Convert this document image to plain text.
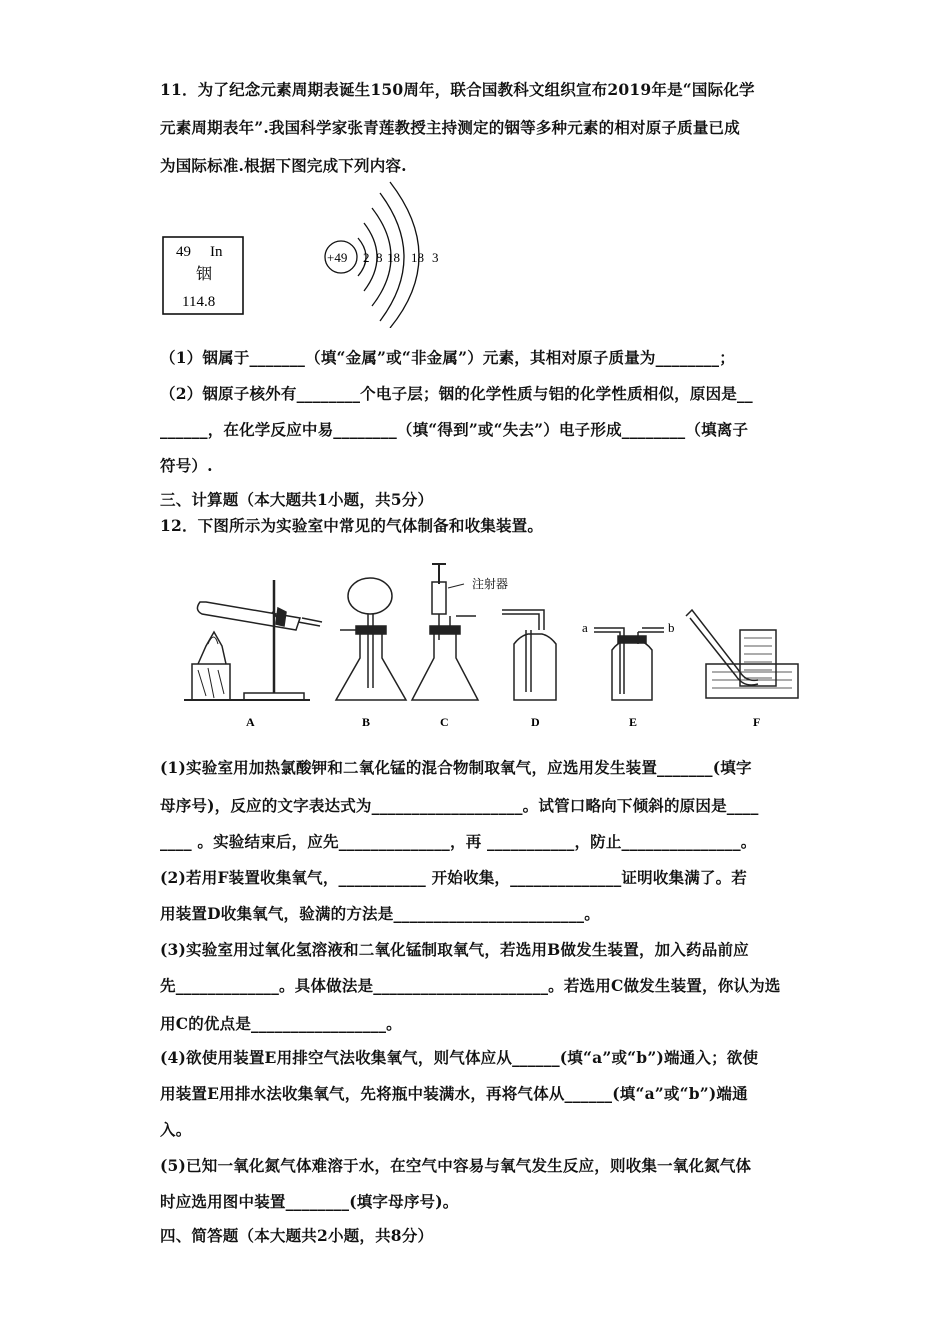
11．为了纪念元素周期表诞生150周年，联合国教科文组织宣布2019年是“国际化学
元素周期表年”.我国科学家张青莲教授主持测定的铟等多种元素的相对原子质量已成
为国际标准.根据下图完成下列内容.
49 In
铟
114.8
+49 2 8 18 18 3
（1）铟属于_______（填“金属”或“非金属”）元素，其相对原子质量为________；
（2）铟原子核外有________个电子层；铟的化学性质与铝的化学性质相似，原因是__
______，在化学反应中易________（填“得到”或“失去”）电子形成________（填离子
符号）.
三、计算题（本大题共1小题，共5分）
12．下图所示为实验室中常见的气体制备和收集装置。
注射器
a	b
A	B	C	D	E	F
(1)实验室用加热氯酸钾和二氧化锰的混合物制取氧气，应选用发生装置_______(填字
母序号)，反应的文字表达式为___________________。试管口略向下倾斜的原因是____
____ 。实验结束后，应先______________，再 ___________，防止_______________。
(2)若用F装置收集氧气，___________ 开始收集，______________证明收集满了。若
用装置D收集氧气，验满的方法是________________________。
(3)实验室用过氧化氢溶液和二氧化锰制取氧气，若选用B做发生装置，加入药品前应
先_____________。具体做法是______________________。若选用C做发生装置，你认为选
用C的优点是_________________。
(4)欲使用装置E用排空气法收集氧气，则气体应从______(填“a”或“b”)端通入；欲使
用装置E用排水法收集氧气，先将瓶中装满水，再将气体从______(填“a”或“b”)端通
入。
(5)已知一氧化氮气体难溶于水，在空气中容易与氧气发生反应，则收集一氧化氮气体
时应选用图中装置________(填字母序号)。
四、简答题（本大题共2小题，共8分）
